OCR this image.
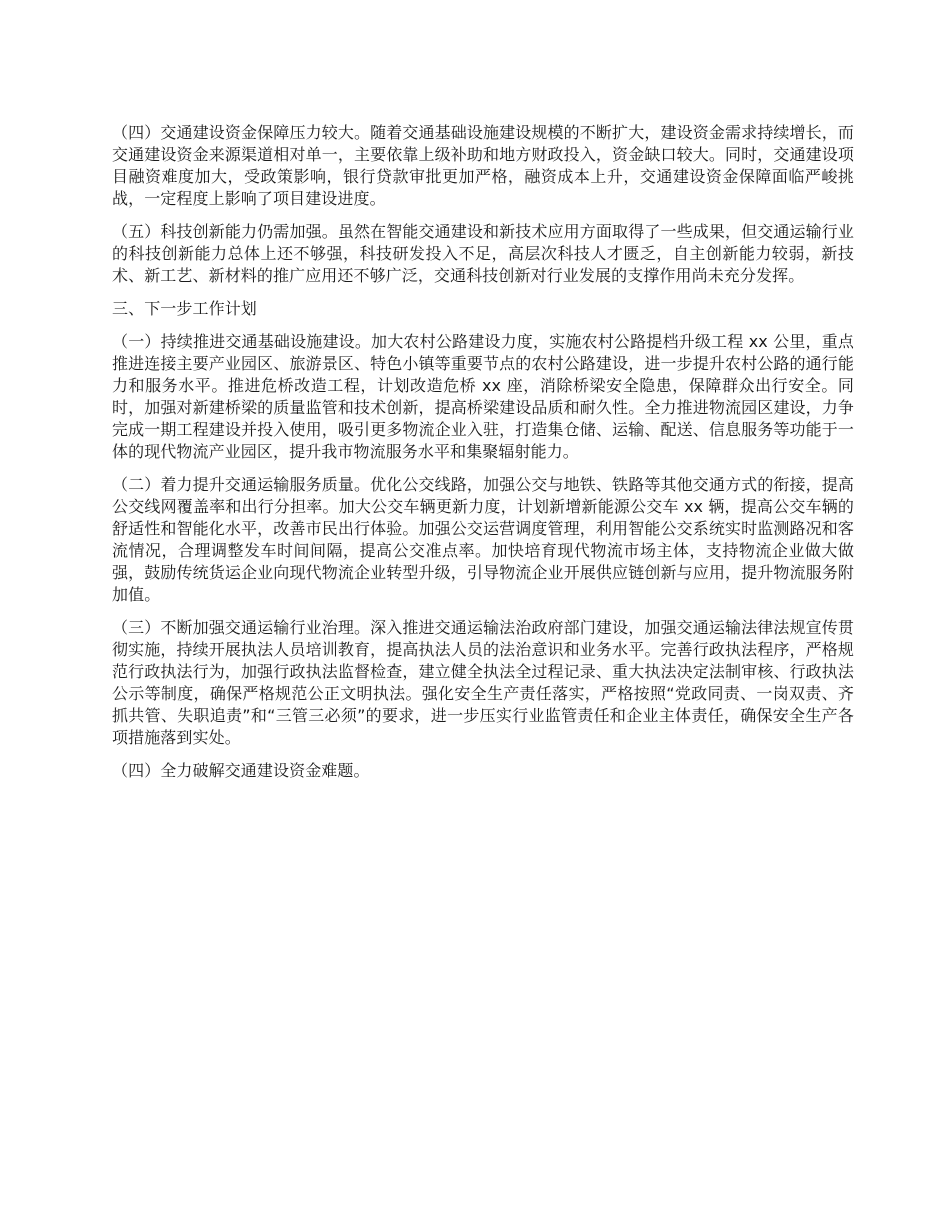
（四）交通建设资金保障压力较大。随着交通基础设施建设规模的不断扩大，建设资金需求持续增长，而交通建设资金来源渠道相对单一，主要依靠上级补助和地方财政投入，资金缺口较大。同时，交通建设项目融资难度加大，受政策影响，银行贷款审批更加严格，融资成本上升，交通建设资金保障面临严峻挑战，一定程度上影响了项目建设进度。

（五）科技创新能力仍需加强。虽然在智能交通建设和新技术应用方面取得了一些成果，但交通运输行业的科技创新能力总体上还不够强，科技研发投入不足，高层次科技人才匮乏，自主创新能力较弱，新技术、新工艺、新材料的推广应用还不够广泛，交通科技创新对行业发展的支撑作用尚未充分发挥。

三、下一步工作计划

（一）持续推进交通基础设施建设。加大农村公路建设力度，实施农村公路提档升级工程 xx 公里，重点推进连接主要产业园区、旅游景区、特色小镇等重要节点的农村公路建设，进一步提升农村公路的通行能力和服务水平。推进危桥改造工程，计划改造危桥 xx 座，消除桥梁安全隐患，保障群众出行安全。同时，加强对新建桥梁的质量监管和技术创新，提高桥梁建设品质和耐久性。全力推进物流园区建设，力争完成一期工程建设并投入使用，吸引更多物流企业入驻，打造集仓储、运输、配送、信息服务等功能于一体的现代物流产业园区，提升我市物流服务水平和集聚辐射能力。

（二）着力提升交通运输服务质量。优化公交线路，加强公交与地铁、铁路等其他交通方式的衔接，提高公交线网覆盖率和出行分担率。加大公交车辆更新力度，计划新增新能源公交车 xx 辆，提高公交车辆的舒适性和智能化水平，改善市民出行体验。加强公交运营调度管理，利用智能公交系统实时监测路况和客流情况，合理调整发车时间间隔，提高公交准点率。加快培育现代物流市场主体，支持物流企业做大做强，鼓励传统货运企业向现代物流企业转型升级，引导物流企业开展供应链创新与应用，提升物流服务附加值。

（三）不断加强交通运输行业治理。深入推进交通运输法治政府部门建设，加强交通运输法律法规宣传贯彻实施，持续开展执法人员培训教育，提高执法人员的法治意识和业务水平。完善行政执法程序，严格规范行政执法行为，加强行政执法监督检查，建立健全执法全过程记录、重大执法决定法制审核、行政执法公示等制度，确保严格规范公正文明执法。强化安全生产责任落实，严格按照“党政同责、一岗双责、齐抓共管、失职追责”和“三管三必须”的要求，进一步压实行业监管责任和企业主体责任，确保安全生产各项措施落到实处。

（四）全力破解交通建设资金难题。
